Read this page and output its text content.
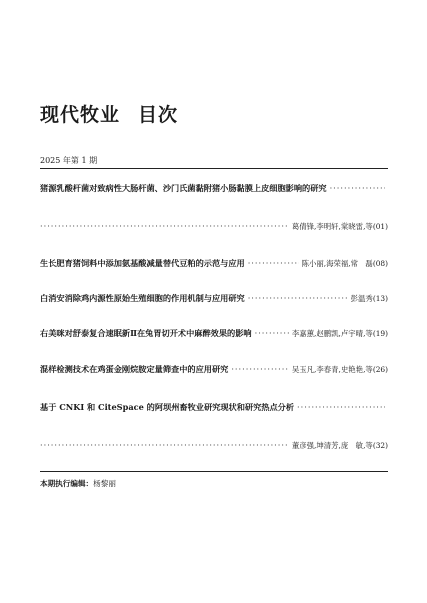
现代牧业 目次
2025 年第 1 期
猪源乳酸杆菌对致病性大肠杆菌、沙门氏菌黏附猪小肠黏膜上皮细胞影响的研究
·····
·····
葛倩锋,李明轩,棠晓雷,等 (01)
生长肥育猪饲料中添加氨基酸减量替代豆粕的示范与应用 ·····	陈小丽,海荣福,常　磊 (08)
白消安消除鸡内源性原始生殖细胞的作用机制与应用研究 ·····	彭温秀 (13)
右美咪对舒泰复合速眠新Ⅱ在兔胃切开术中麻醉效果的影响 ·····	李嘉蕙,赵鹏凯,卢宇晴,等 (19)
混样检测技术在鸡蛋金刚烷胺定量筛查中的应用研究 ·····	吴玉凡,李春青,史艳艳,等 (26)
基于 CNKI 和 CiteSpace 的阿坝州畜牧业研究现状和研究热点分析
·····
·····
董彦强,坤清芳,庞　敏,等 (32)
本期执行编辑：杨黎丽
